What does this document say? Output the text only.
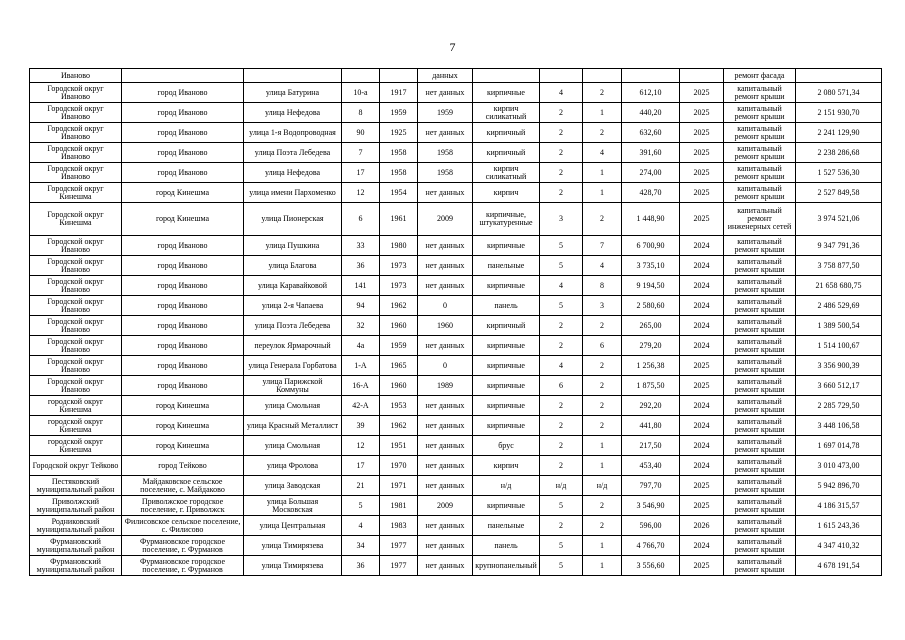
7
Иваново					данных						ремонт фасада	
Городской округ Иваново	город Иваново	улица Батурина	10-а	1917	нет данных	кирпичные	4	2	612,10	2025	капитальный ремонт крыши	2 080 571,34
Городской округ Иваново	город Иваново	улица Нефедова	8	1959	1959	кирпич силикатный	2	1	440,20	2025	капитальный ремонт крыши	2 151 930,70
Городской округ Иваново	город Иваново	улица 1-я Водопроводная	90	1925	нет данных	кирпичный	2	2	632,60	2025	капитальный ремонт крыши	2 241 129,90
Городской округ Иваново	город Иваново	улица Поэта Лебедева	7	1958	1958	кирпичный	2	4	391,60	2025	капитальный ремонт крыши	2 238 286,68
Городской округ Иваново	город Иваново	улица Нефедова	17	1958	1958	кирпич силикатный	2	1	274,00	2025	капитальный ремонт крыши	1 527 536,30
Городской округ Кинешма	город Кинешма	улица имени Пархоменко	12	1954	нет данных	кирпич	2	1	428,70	2025	капитальный ремонт крыши	2 527 849,58
Городской округ Кинешма	город Кинешма	улица Пионерская	6	1961	2009	кирпичные, штукатуренные	3	2	1 448,90	2025	капитальный ремонт инженерных сетей	3 974 521,06
Городской округ Иваново	город Иваново	улица Пушкина	33	1980	нет данных	кирпичные	5	7	6 700,90	2024	капитальный ремонт крыши	9 347 791,36
Городской округ Иваново	город Иваново	улица Благова	36	1973	нет данных	панельные	5	4	3 735,10	2024	капитальный ремонт крыши	3 758 877,50
Городской округ Иваново	город Иваново	улица Каравайковой	141	1973	нет данных	кирпичные	4	8	9 194,50	2024	капитальный ремонт крыши	21 658 680,75
Городской округ Иваново	город Иваново	улица 2-я Чапаева	94	1962	0	панель	5	3	2 580,60	2024	капитальный ремонт крыши	2 486 529,69
Городской округ Иваново	город Иваново	улица Поэта Лебедева	32	1960	1960	кирпичный	2	2	265,00	2024	капитальный ремонт крыши	1 389 500,54
Городской округ Иваново	город Иваново	переулок Ярмарочный	4а	1959	нет данных	кирпичные	2	6	279,20	2024	капитальный ремонт крыши	1 514 100,67
Городской округ Иваново	город Иваново	улица Генерала Горбатова	1-А	1965	0	кирпичные	4	2	1 256,38	2025	капитальный ремонт крыши	3 356 900,39
Городской округ Иваново	город Иваново	улица Парижской Коммуны	16-А	1960	1989	кирпичные	6	2	1 875,50	2025	капитальный ремонт крыши	3 660 512,17
городской округ Кинешма	город Кинешма	улица Смольная	42-А	1953	нет данных	кирпичные	2	2	292,20	2024	капитальный ремонт крыши	2 285 729,50
городской округ Кинешма	город Кинешма	улица Красный Металлист	39	1962	нет данных	кирпичные	2	2	441,80	2024	капитальный ремонт крыши	3 448 106,58
городской округ Кинешма	город Кинешма	улица Смольная	12	1951	нет данных	брус	2	1	217,50	2024	капитальный ремонт крыши	1 697 014,78
Городской округ Тейково	город Тейково	улица Фролова	17	1970	нет данных	кирпич	2	1	453,40	2024	капитальный ремонт крыши	3 010 473,00
Пестяковский муниципальный район	Майдаковское сельское поселение, с. Майдаково	улица Заводская	21	1971	нет данных	н/д	н/д	н/д	797,70	2025	капитальный ремонт крыши	5 942 896,70
Приволжский муниципальный район	Приволжское городское поселение, г. Приволжск	улица Большая Московская	5	1981	2009	кирпичные	5	2	3 546,90	2025	капитальный ремонт крыши	4 186 315,57
Родниковский муниципальный район	Филисовское сельское поселение, с. Филисово	улица Центральная	4	1983	нет данных	панельные	2	2	596,00	2026	капитальный ремонт крыши	1 615 243,36
Фурмановский муниципальный район	Фурмановское городское поселение, г. Фурманов	улица Тимирязева	34	1977	нет данных	панель	5	1	4 766,70	2024	капитальный ремонт крыши	4 347 410,32
Фурмановский муниципальный район	Фурмановское городское поселение, г. Фурманов	улица Тимирязева	36	1977	нет данных	крупнопанельный	5	1	3 556,60	2025	капитальный ремонт крыши	4 678 191,54
